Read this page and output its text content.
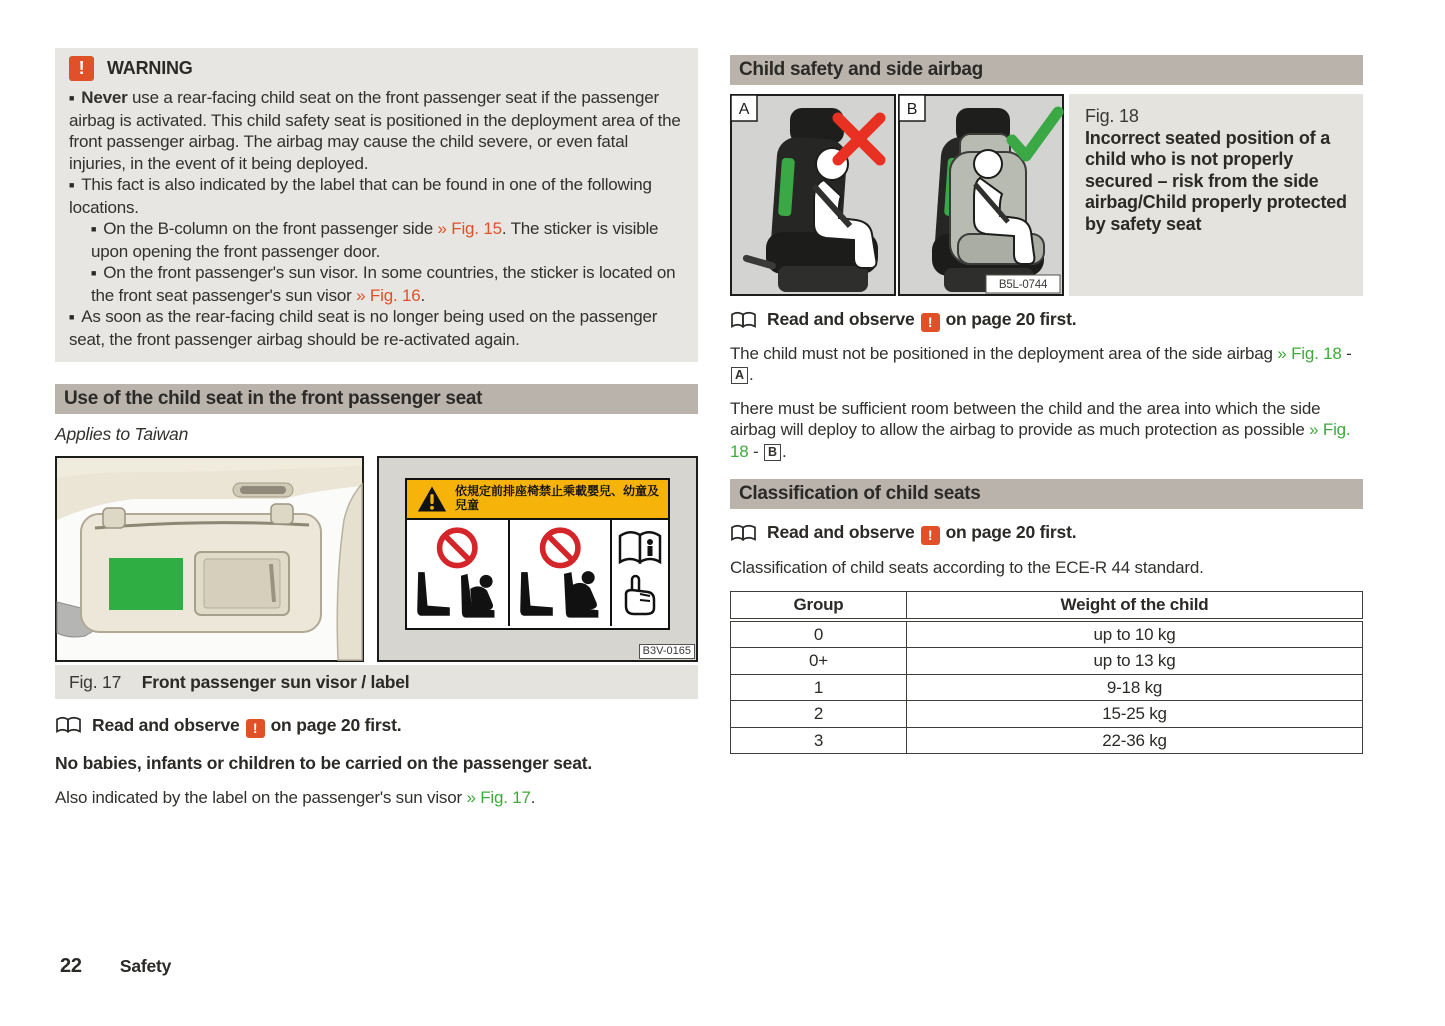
! WARNING

■ Never use a rear-facing child seat on the front passenger seat if the passenger airbag is activated. This child safety seat is positioned in the deployment area of the front passenger airbag. The airbag may cause the child severe, or even fatal injuries, in the event of it being deployed.

■ This fact is also indicated by the label that can be found in one of the following locations.

■ On the B-column on the front passenger side » Fig. 15. The sticker is visible upon opening the front passenger door.

■ On the front passenger's sun visor. In some countries, the sticker is located on the front seat passenger's sun visor » Fig. 16.

■ As soon as the rear-facing child seat is no longer being used on the passenger seat, the front passenger airbag should be re-activated again.

Use of the child seat in the front passenger seat

Applies to Taiwan

依規定前排座椅禁止乘載嬰兒、幼童及兒童
B3V-0165
Fig. 17 Front passenger sun visor / label
Read and observe ! on page 20 first.

No babies, infants or children to be carried on the passenger seat.

Also indicated by the label on the passenger's sun visor » Fig. 17.

Child safety and side airbag
A	B
B5L-0744
Fig. 18
Incorrect seated position of a child who is not properly secured – risk from the side airbag/Child properly protected by safety seat
Read and observe ! on page 20 first.

The child must not be positioned in the deployment area of the side airbag » Fig. 18 - A .

There must be sufficient room between the child and the area into which the side airbag will deploy to allow the airbag to provide as much protection as possible » Fig. 18 - B .

Classification of child seats
Read and observe ! on page 20 first.

Classification of child seats according to the ECE-R 44 standard.

Group	Weight of the child
0	up to 10 kg
0+	up to 13 kg
1	9-18 kg
2	15-25 kg
3	22-36 kg
22 Safety
